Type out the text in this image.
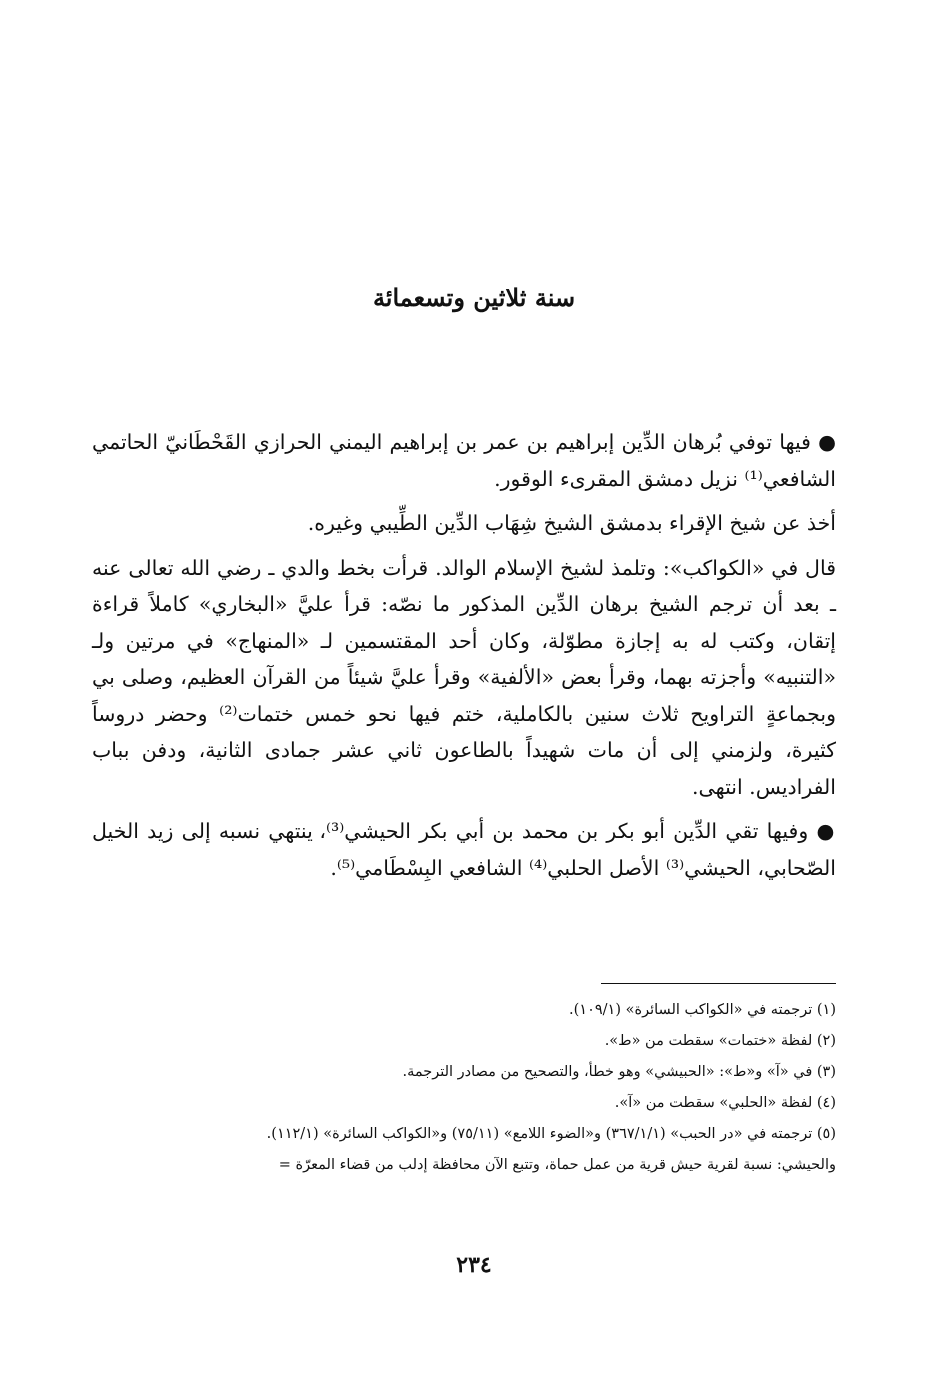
سنة ثلاثين وتسعمائة

● فيها توفي بُرهان الدِّين إبراهيم بن عمر بن إبراهيم اليمني الحرازي القَحْطَانيّ الحاتمي الشافعي⁽¹⁾ نزيل دمشق المقرىء الوقور.

أخذ عن شيخ الإقراء بدمشق الشيخ شِهَاب الدِّين الطِّيبي وغيره.

قال في «الكواكب»: وتلمذ لشيخ الإسلام الوالد. قرأت بخط والدي ـ رضي الله تعالى عنه ـ بعد أن ترجم الشيخ برهان الدِّين المذكور ما نصّه: قرأ عليَّ «البخاري» كاملاً قراءة إتقان، وكتب له به إجازة مطوّلة، وكان أحد المقتسمين لـ «المنهاج» في مرتين ولـ «التنبيه» وأجزته بهما، وقرأ بعض «الألفية» وقرأ عليَّ شيئاً من القرآن العظيم، وصلى بي وبجماعةٍ التراويح ثلاث سنين بالكاملية، ختم فيها نحو خمس ختمات⁽²⁾ وحضر دروساً كثيرة، ولزمني إلى أن مات شهيداً بالطاعون ثاني عشر جمادى الثانية، ودفن بباب الفراديس. انتهى.

● وفيها تقي الدِّين أبو بكر بن محمد بن أبي بكر الحيشي⁽³⁾، ينتهي نسبه إلى زيد الخيل الصّحابي، الحيشي⁽³⁾ الأصل الحلبي⁽⁴⁾ الشافعي البِسْطَامي⁽⁵⁾.

(١) ترجمته في «الكواكب السائرة» (١٠٩/١).

(٢) لفظة «ختمات» سقطت من «ط».

(٣) في «آ» و«ط»: «الحبيشي» وهو خطأ، والتصحيح من مصادر الترجمة.

(٤) لفظة «الحلبي» سقطت من «آ».

(٥) ترجمته في «در الحبب» (٣٦٧/١/١) و«الضوء اللامع» (٧٥/١١) و«الكواكب السائرة» (١١٢/١).

والحيشي: نسبة لقرية حيش قرية من عمل حماة، وتتبع الآن محافظة إدلب من قضاء المعرّة =

٢٣٤
